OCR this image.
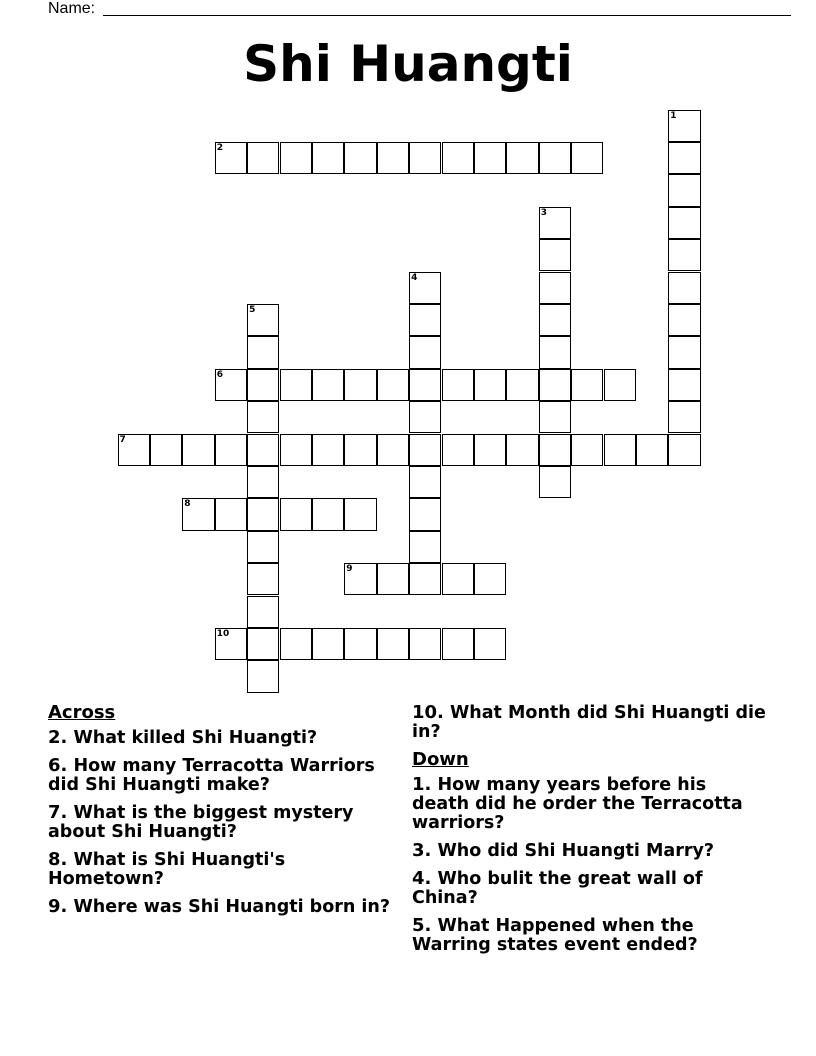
Name:
Shi Huangti
1
2
3
4
5
6
7
8
9
10
Across
2. What killed Shi Huangti?
6. How many Terracotta Warriors did Shi Huangti make?
7. What is the biggest mystery about Shi Huangti?
8. What is Shi Huangti's Hometown?
9. Where was Shi Huangti born in?
10. What Month did Shi Huangti die in?
Down
1. How many years before his death did he order the Terracotta warriors?
3. Who did Shi Huangti Marry?
4. Who bulit the great wall of China?
5. What Happened when the Warring states event ended?
